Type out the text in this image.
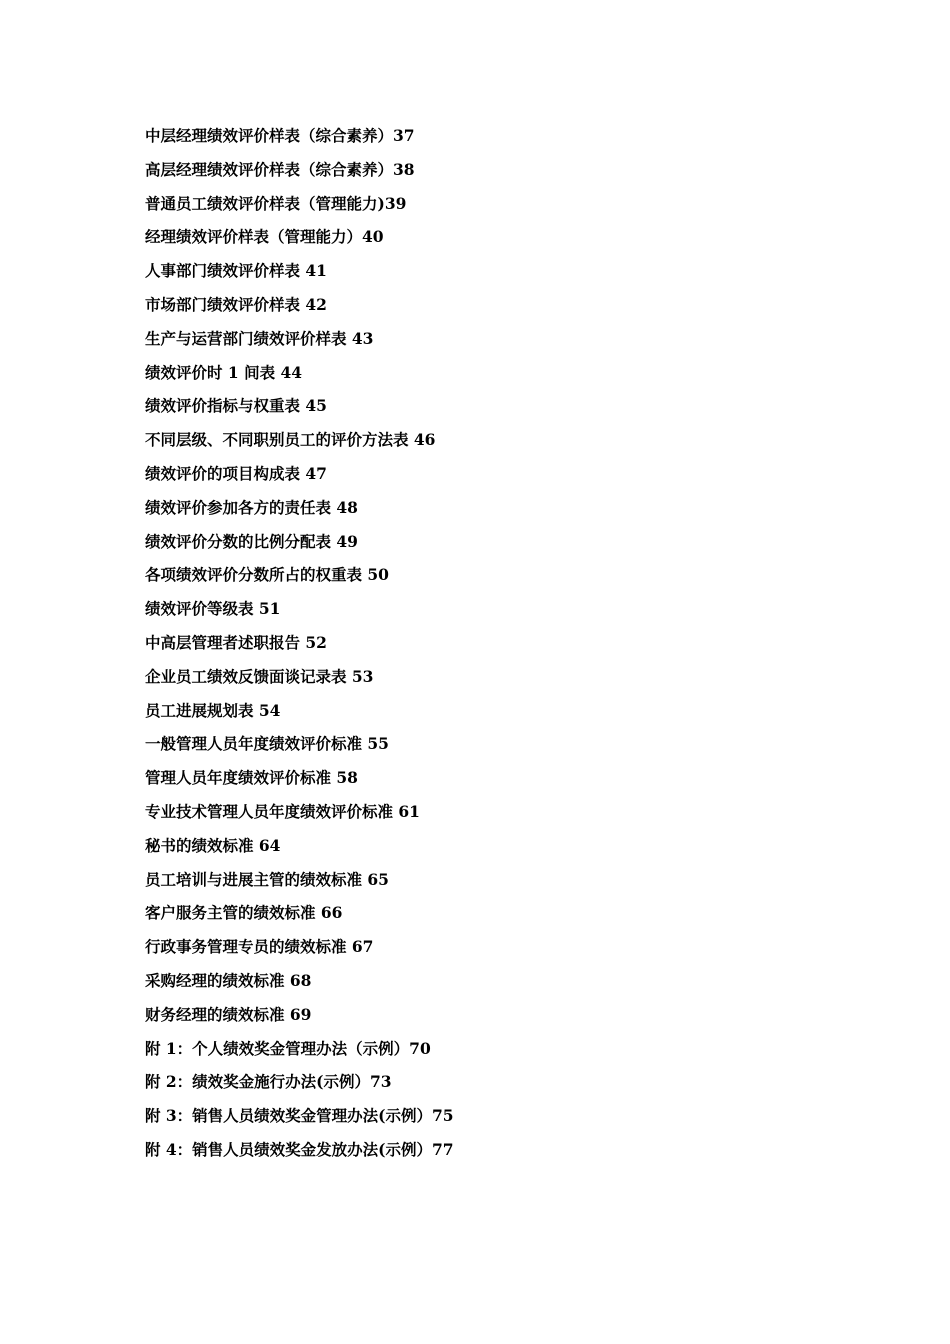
中层经理绩效评价样表（综合素养）37
高层经理绩效评价样表（综合素养）38
普通员工绩效评价样表（管理能力)39
经理绩效评价样表（管理能力）40
人事部门绩效评价样表 41
市场部门绩效评价样表 42
生产与运营部门绩效评价样表 43
绩效评价时 1 间表 44
绩效评价指标与权重表 45
不同层级、不同职别员工的评价方法表 46
绩效评价的项目构成表 47
绩效评价参加各方的责任表 48
绩效评价分数的比例分配表 49
各项绩效评价分数所占的权重表 50
绩效评价等级表 51
中高层管理者述职报告 52
企业员工绩效反馈面谈记录表 53
员工进展规划表 54
一般管理人员年度绩效评价标准 55
管理人员年度绩效评价标准 58
专业技术管理人员年度绩效评价标准 61
秘书的绩效标准 64
员工培训与进展主管的绩效标准 65
客户服务主管的绩效标准 66
行政事务管理专员的绩效标准 67
采购经理的绩效标准 68
财务经理的绩效标准 69
附 1：个人绩效奖金管理办法（示例）70
附 2：绩效奖金施行办法(示例）73
附 3：销售人员绩效奖金管理办法(示例）75
附 4：销售人员绩效奖金发放办法(示例）77
